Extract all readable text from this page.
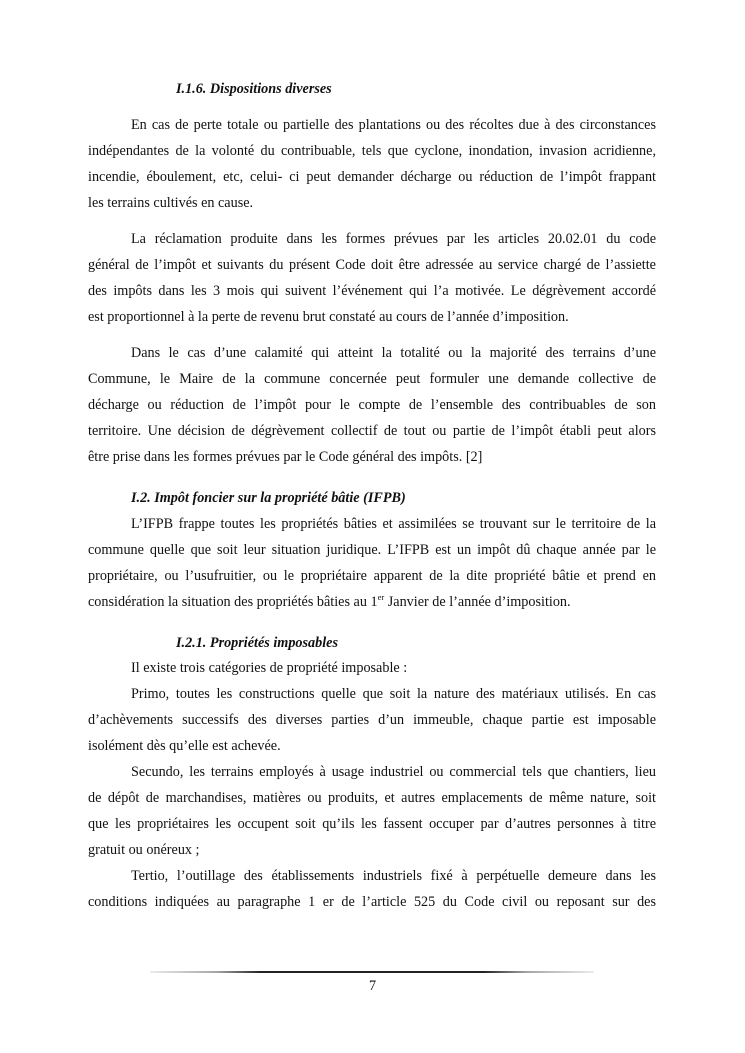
I.1.6. Dispositions diverses
En cas de perte totale ou partielle des plantations ou des récoltes due à des circonstances
indépendantes de la volonté du contribuable, tels que cyclone, inondation, invasion acridienne,
incendie, éboulement, etc, celui- ci peut demander décharge ou réduction de l’impôt frappant
les terrains cultivés en cause.
La réclamation produite dans les formes prévues par les articles 20.02.01 du code
général de l’impôt et suivants du présent Code doit être adressée au service chargé de l’assiette
des impôts dans les 3 mois qui suivent l’événement qui l’a motivée. Le dégrèvement accordé
est proportionnel à la perte de revenu brut constaté au cours de l’année d’imposition.
Dans le cas d’une calamité qui atteint la totalité ou la majorité des terrains d’une
Commune, le Maire de la commune concernée peut formuler une demande collective de
décharge ou réduction de l’impôt pour le compte de l’ensemble des contribuables de son
territoire. Une décision de dégrèvement collectif de tout ou partie de l’impôt établi peut alors
être prise dans les formes prévues par le Code général des impôts. [2]
I.2. Impôt foncier sur la propriété bâtie (IFPB)
L’IFPB frappe toutes les propriétés bâties et assimilées se trouvant sur le territoire de la
commune quelle que soit leur situation juridique. L’IFPB est un impôt dû chaque année par le
propriétaire, ou l’usufruitier, ou le propriétaire apparent de la dite propriété bâtie et prend en
considération la situation des propriétés bâties au 1er Janvier de l’année d’imposition.
I.2.1. Propriétés imposables
Il existe trois catégories de propriété imposable :
Primo, toutes les constructions quelle que soit la nature des matériaux utilisés. En cas
d’achèvements successifs des diverses parties d’un immeuble, chaque partie est imposable
isolément dès qu’elle est achevée.
Secundo, les terrains employés à usage industriel ou commercial tels que chantiers, lieu
de dépôt de marchandises, matières ou produits, et autres emplacements de même nature, soit
que les propriétaires les occupent soit qu’ils les fassent occuper par d’autres personnes à titre
gratuit ou onéreux ;
Tertio, l’outillage des établissements industriels fixé à perpétuelle demeure dans les
conditions indiquées au paragraphe 1 er de l’article 525 du Code civil ou reposant sur des
7
